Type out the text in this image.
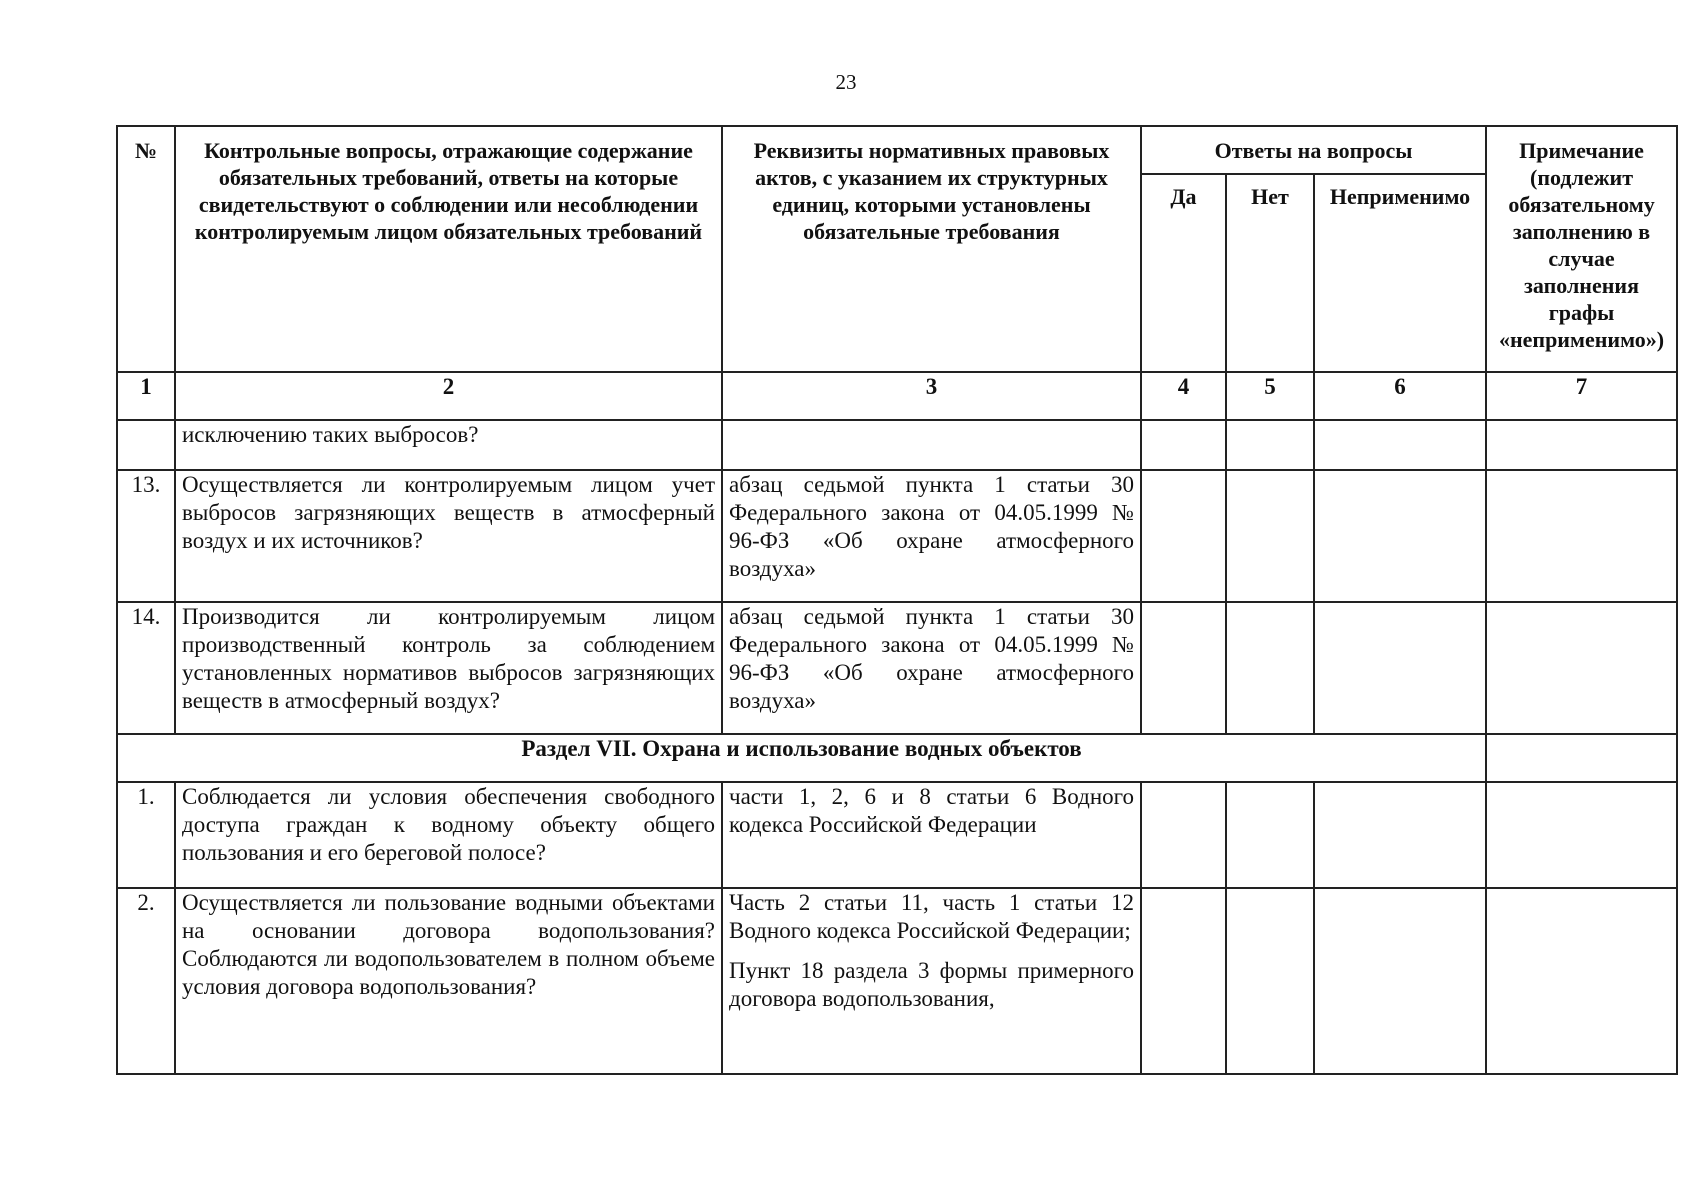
23
№	Контрольные вопросы, отражающие содержание обязательных требований, ответы на которые свидетельствуют о соблюдении или несоблюдении контролируемым лицом обязательных требований	Реквизиты нормативных правовых актов, с указанием их структурных единиц, которыми установлены обязательные требования	Ответы на вопросы			Примечание (подлежит обязательному заполнению в случае заполнения графы «неприменимо»)
			Да	Нет	Неприменимо	
1	2	3	4	5	6	7
	исключению таких выбросов?					
13.	Осуществляется ли контролируемым лицом учет выбросов загрязняющих веществ в атмосферный воздух и их источников?	абзац седьмой пункта 1 статьи 30 Федерального закона от 04.05.1999 № 96-ФЗ «Об охране атмосферного воздуха»				
14.	Производится ли контролируемым лицом производственный контроль за соблюдением установленных нормативов выбросов загрязняющих веществ в атмосферный воздух?	абзац седьмой пункта 1 статьи 30 Федерального закона от 04.05.1999 № 96-ФЗ «Об охране атмосферного воздуха»				
Раздел VII. Охрана и использование водных объектов						
1.	Соблюдается ли условия обеспечения свободного доступа граждан к водному объекту общего пользования и его береговой полосе?	части 1, 2, 6 и 8 статьи 6 Водного кодекса Российской Федерации				
2.	Осуществляется ли пользование водными объектами на основании договора водопользования? Соблюдаются ли водопользователем в полном объеме условия договора водопользования?	Часть 2 статьи 11, часть 1 статьи 12 Водного кодекса Российской Федерации;
Пункт 18 раздела 3 формы примерного договора водопользования,				
